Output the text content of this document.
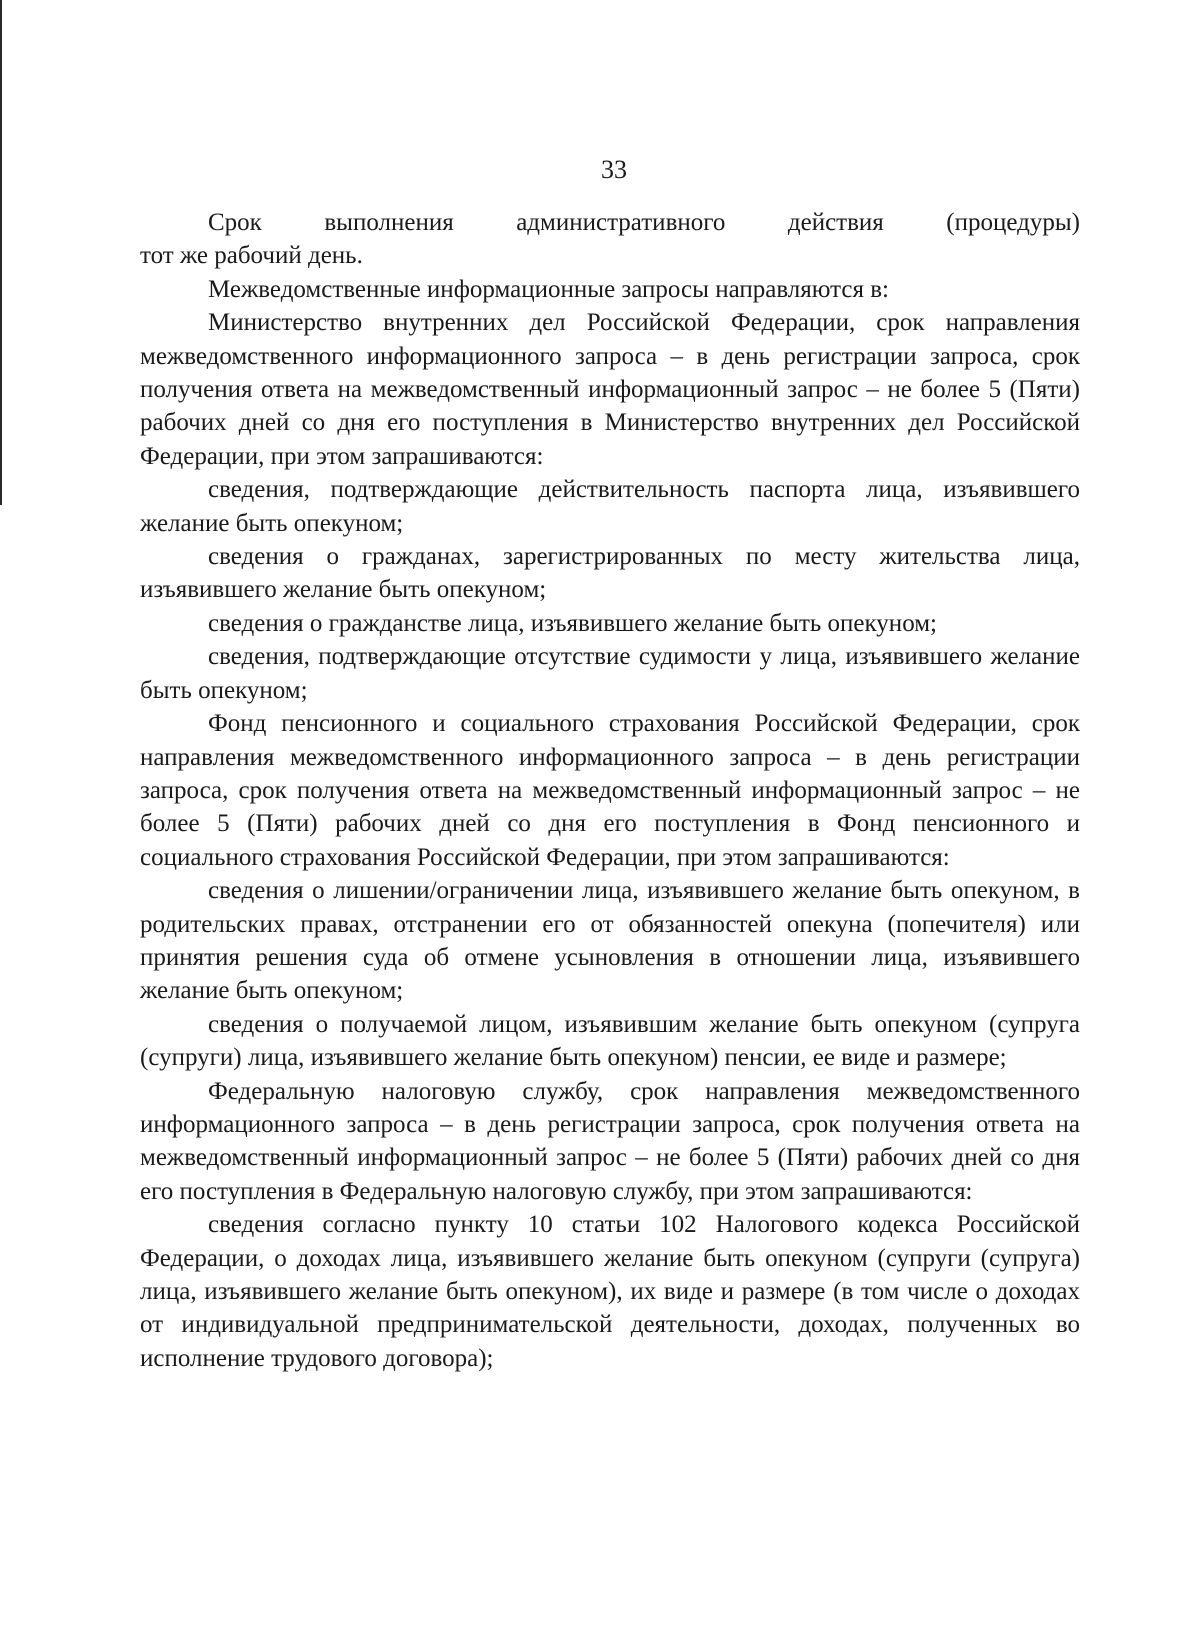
33

Срок выполнения административного действия (процедуры)

тот же рабочий день.

Межведомственные информационные запросы направляются в:

Министерство внутренних дел Российской Федерации, срок направления межведомственного информационного запроса – в день регистрации запроса, срок получения ответа на межведомственный информационный запрос – не более 5 (Пяти) рабочих дней со дня его поступления в Министерство внутренних дел Российской Федерации, при этом запрашиваются:

сведения, подтверждающие действительность паспорта лица, изъявившего желание быть опекуном;

сведения о гражданах, зарегистрированных по месту жительства лица, изъявившего желание быть опекуном;

сведения о гражданстве лица, изъявившего желание быть опекуном;

сведения, подтверждающие отсутствие судимости у лица, изъявившего желание быть опекуном;

Фонд пенсионного и социального страхования Российской Федерации, срок направления межведомственного информационного запроса – в день регистрации запроса, срок получения ответа на межведомственный информационный запрос – не более 5 (Пяти) рабочих дней со дня его поступления в Фонд пенсионного и социального страхования Российской Федерации, при этом запрашиваются:

сведения о лишении/ограничении лица, изъявившего желание быть опекуном, в родительских правах, отстранении его от обязанностей опекуна (попечителя) или принятия решения суда об отмене усыновления в отношении лица, изъявившего желание быть опекуном;

сведения о получаемой лицом, изъявившим желание быть опекуном (супруга (супруги) лица, изъявившего желание быть опекуном) пенсии, ее виде и размере;

Федеральную налоговую службу, срок направления межведомственного информационного запроса – в день регистрации запроса, срок получения ответа на межведомственный информационный запрос – не более 5 (Пяти) рабочих дней со дня его поступления в Федеральную налоговую службу, при этом запрашиваются:

сведения согласно пункту 10 статьи 102 Налогового кодекса Российской Федерации, о доходах лица, изъявившего желание быть опекуном (супруги (супруга) лица, изъявившего желание быть опекуном), их виде и размере (в том числе о доходах от индивидуальной предпринимательской деятельности, доходах, полученных во исполнение трудового договора);
